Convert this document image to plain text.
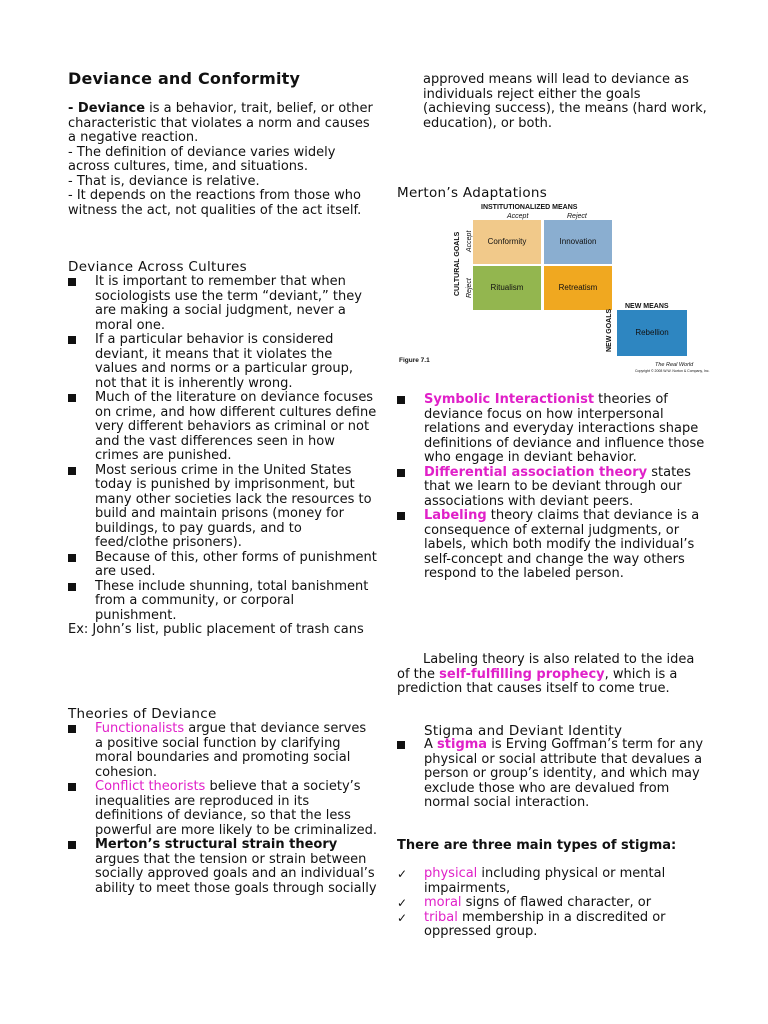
Deviance and Conformity
- Deviance is a behavior, trait, belief, or other characteristic that violates a norm and causes a negative reaction.
- The definition of deviance varies widely across cultures, time, and situations.
- That is, deviance is relative.
- It depends on the reactions from those who witness the act, not qualities of the act itself.
Deviance Across Cultures
It is important to remember that when sociologists use the term “deviant,” they are making a social judgment, never a moral one.
If a particular behavior is considered deviant, it means that it violates the values and norms or a particular group, not that it is inherently wrong.
Much of the literature on deviance focuses on crime, and how different cultures define very different behaviors as criminal or not and the vast differences seen in how crimes are punished.
Most serious crime in the United States today is punished by imprisonment, but many other societies lack the resources to build and maintain prisons (money for buildings, to pay guards, and to feed/clothe prisoners).
Because of this, other forms of punishment are used.
These include shunning, total banishment from a community, or corporal punishment.
Ex: John’s list, public placement of trash cans
Theories of Deviance
Functionalists argue that deviance serves a positive social function by clarifying moral boundaries and promoting social cohesion.
Conflict theorists believe that a society’s inequalities are reproduced in its definitions of deviance, so that the less powerful are more likely to be criminalized.
Merton’s structural strain theory argues that the tension or strain between socially approved goals and an individual’s ability to meet those goals through socially
approved means will lead to deviance as individuals reject either the goals (achieving success), the means (hard work, education), or both.
Merton’s Adaptations
INSTITUTIONALIZED MEANS
Accept	Reject
CULTURAL GOALS Accept
Reject
Conformity	Innovation
Ritualism	Retreatism
NEW MEANS
NEW GOALS	Rebellion
Figure 7.1
The Real World
Copyright © 2008 W.W. Norton & Company, Inc.
Symbolic Interactionist theories of deviance focus on how interpersonal relations and everyday interactions shape definitions of deviance and influence those who engage in deviant behavior.
Differential association theory states that we learn to be deviant through our associations with deviant peers.
Labeling theory claims that deviance is a consequence of external judgments, or labels, which both modify the individual’s self-concept and change the way others respond to the labeled person.
Labeling theory is also related to the idea of the self-fulfilling prophecy, which is a prediction that causes itself to come true.
Stigma and Deviant Identity
A stigma is Erving Goffman’s term for any physical or social attribute that devalues a person or group’s identity, and which may exclude those who are devalued from normal social interaction.
There are three main types of stigma:
✓ physical including physical or mental impairments,
✓ moral signs of flawed character, or
✓ tribal membership in a discredited or oppressed group.
